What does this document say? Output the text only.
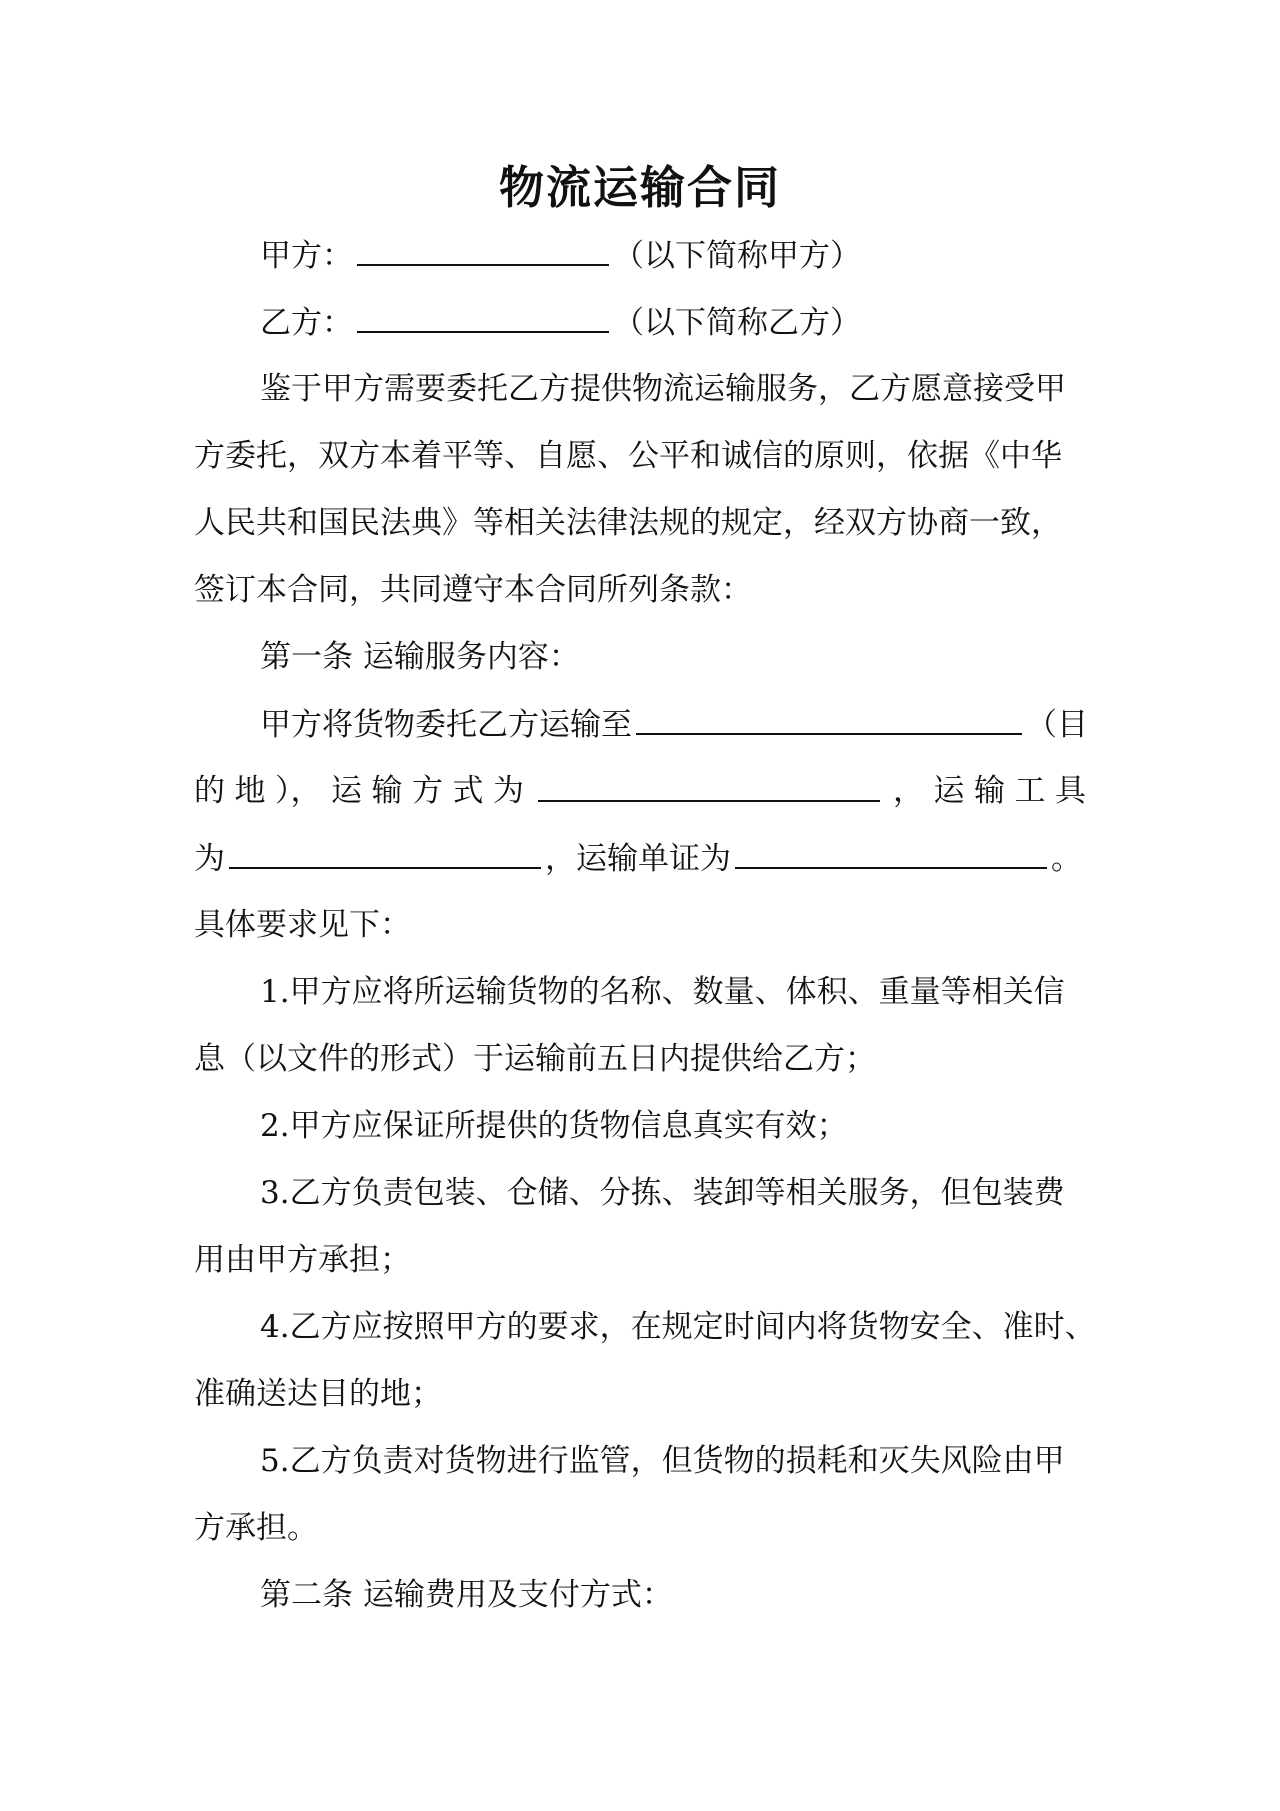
物流运输合同
甲方：	（以下简称甲方）
乙方：	（以下简称乙方）
鉴于甲方需要委托乙方提供物流运输服务，乙方愿意接受甲
方委托，双方本着平等、自愿、公平和诚信的原则，依据《中华
人民共和国民法典》等相关法律法规的规定，经双方协商一致，
签订本合同，共同遵守本合同所列条款：
第一条 运输服务内容：
甲方将货物委托乙方运输至	（目
的 地 ）， 运 输 方 式 为	， 运 输 工 具
为	，运输单证为	。
具体要求见下：
1.甲方应将所运输货物的名称、数量、体积、重量等相关信
息（以文件的形式）于运输前五日内提供给乙方；
2.甲方应保证所提供的货物信息真实有效；
3.乙方负责包装、仓储、分拣、装卸等相关服务，但包装费
用由甲方承担；
4.乙方应按照甲方的要求，在规定时间内将货物安全、准时、
准确送达目的地；
5.乙方负责对货物进行监管，但货物的损耗和灭失风险由甲
方承担。
第二条 运输费用及支付方式：
